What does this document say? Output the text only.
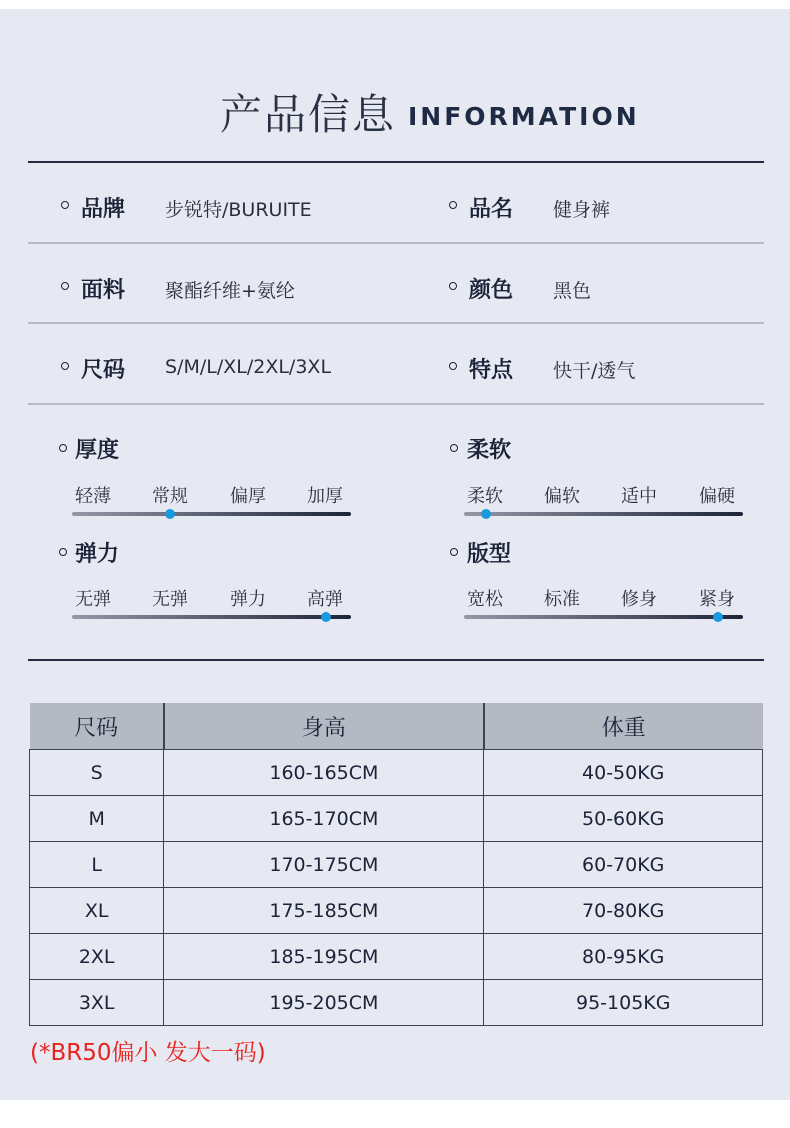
产品信息 INFORMATION
品牌 步锐特/BURUITE	品名 健身裤
面料 聚酯纤维+氨纶	颜色 黑色
尺码 S/M/L/XL/2XL/3XL	特点 快干/透气
厚度
轻薄 常规 偏厚 加厚
柔软
柔软 偏软 适中 偏硬
弹力
无弹 无弹 弹力 高弹
版型
宽松 标准 修身 紧身
尺码	身高	体重
S	160-165CM	40-50KG
M	165-170CM	50-60KG
L	170-175CM	60-70KG
XL	175-185CM	70-80KG
2XL	185-195CM	80-95KG
3XL	195-205CM	95-105KG
(*BR50偏小 发大一码)
